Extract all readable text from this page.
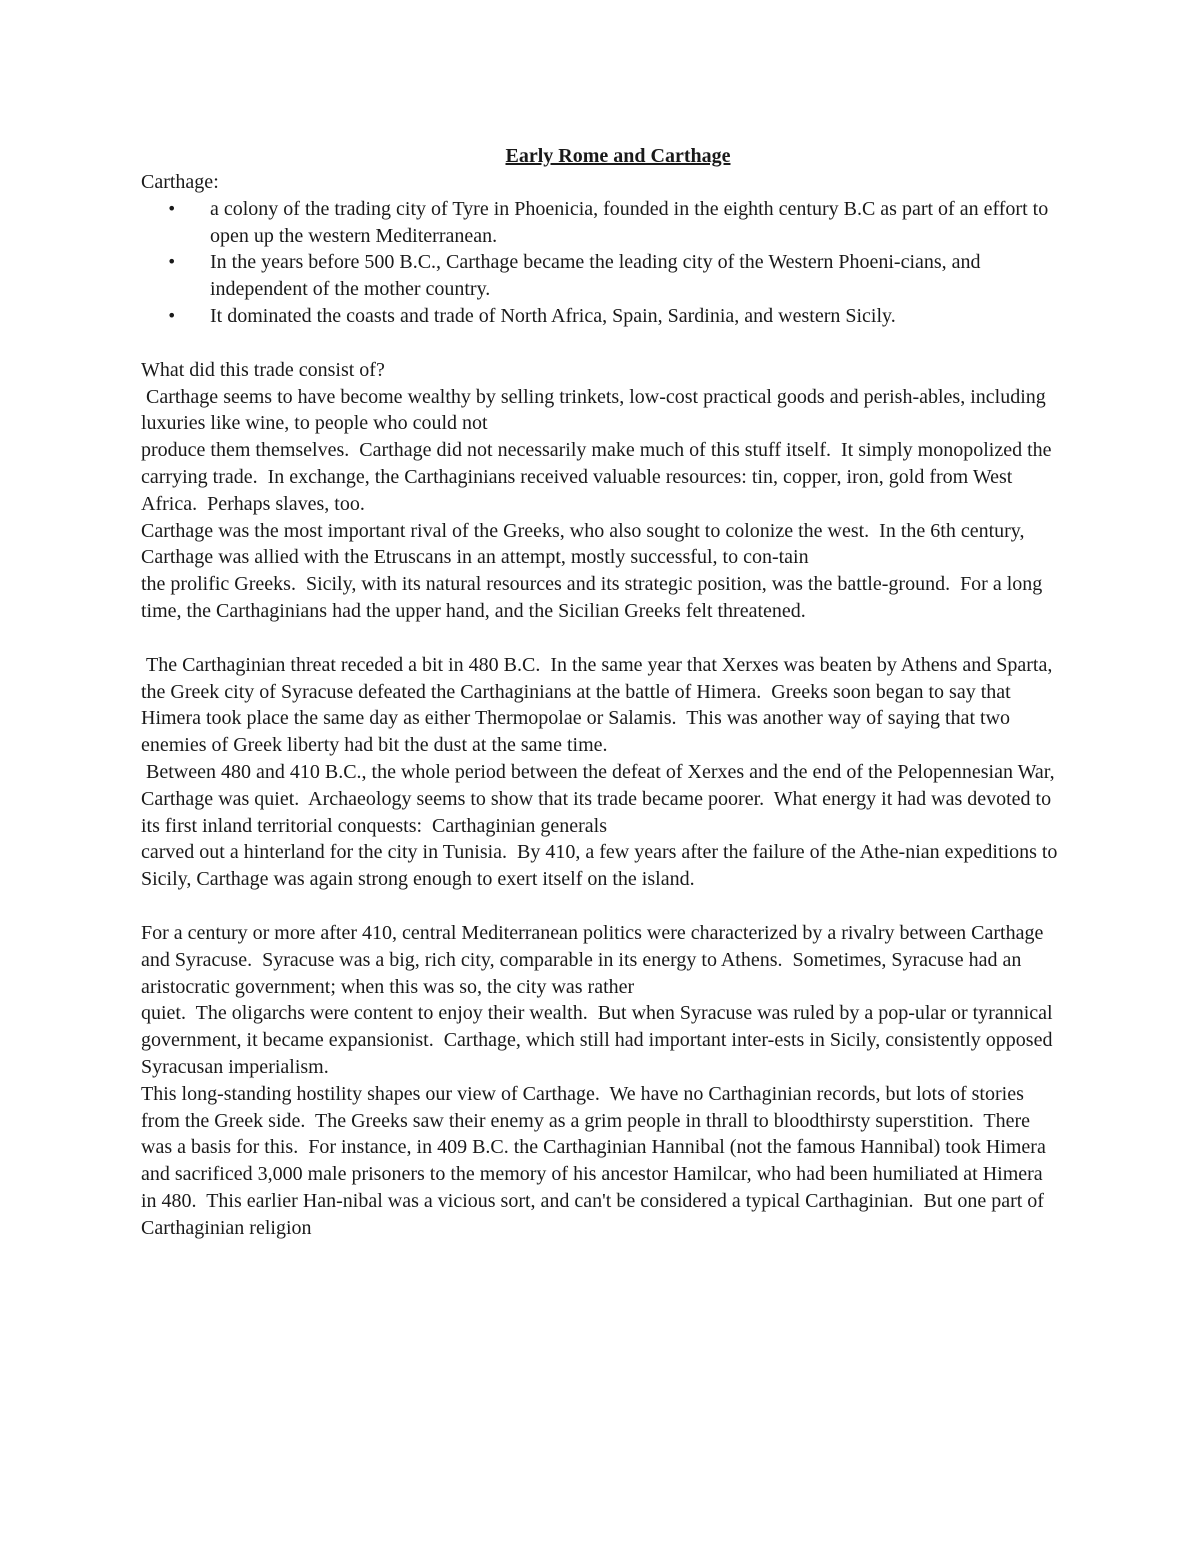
Early Rome and Carthage

Carthage:

• a colony of the trading city of Tyre in Phoenicia, founded in the eighth century B.C as part of an effort to open up the western Mediterranean.
• In the years before 500 B.C., Carthage became the leading city of the Western Phoeni-cians, and independent of the mother country.
• It dominated the coasts and trade of North Africa, Spain, Sardinia, and western Sicily.

What did this trade consist of?

Carthage seems to have become wealthy by selling trinkets, low-cost practical goods and perish-ables, including luxuries like wine, to people who could not
produce them themselves.  Carthage did not necessarily make much of this stuff itself.  It simply monopolized the carrying trade.  In exchange, the Carthaginians received valuable resources: tin, copper, iron, gold from West Africa.  Perhaps slaves, too.

Carthage was the most important rival of the Greeks, who also sought to colonize the west.  In the 6th century, Carthage was allied with the Etruscans in an attempt, mostly successful, to con-tain
the prolific Greeks.  Sicily, with its natural resources and its strategic position, was the battle-ground.  For a long time, the Carthaginians had the upper hand, and the Sicilian Greeks felt threatened.

The Carthaginian threat receded a bit in 480 B.C.  In the same year that Xerxes was beaten by Athens and Sparta, the Greek city of Syracuse defeated the Carthaginians at the battle of Himera.  Greeks soon began to say that Himera took place the same day as either Thermopolae or Salamis.  This was another way of saying that two enemies of Greek liberty had bit the dust at the same time.

Between 480 and 410 B.C., the whole period between the defeat of Xerxes and the end of the Pelopennesian War, Carthage was quiet.  Archaeology seems to show that its trade became poorer.  What energy it had was devoted to its first inland territorial conquests:  Carthaginian generals
carved out a hinterland for the city in Tunisia.  By 410, a few years after the failure of the Athe-nian expeditions to Sicily, Carthage was again strong enough to exert itself on the island.

For a century or more after 410, central Mediterranean politics were characterized by a rivalry between Carthage and Syracuse.  Syracuse was a big, rich city, comparable in its energy to Athens.  Sometimes, Syracuse had an aristocratic government; when this was so, the city was rather
quiet.  The oligarchs were content to enjoy their wealth.  But when Syracuse was ruled by a pop-ular or tyrannical government, it became expansionist.  Carthage, which still had important inter-ests in Sicily, consistently opposed Syracusan imperialism.

This long-standing hostility shapes our view of Carthage.  We have no Carthaginian records, but lots of stories from the Greek side.  The Greeks saw their enemy as a grim people in thrall to bloodthirsty superstition.  There was a basis for this.  For instance, in 409 B.C. the Carthaginian Hannibal (not the famous Hannibal) took Himera and sacrificed 3,000 male prisoners to the memory of his ancestor Hamilcar, who had been humiliated at Himera in 480.  This earlier Han-nibal was a vicious sort, and can't be considered a typical Carthaginian.  But one part of Carthaginian religion
